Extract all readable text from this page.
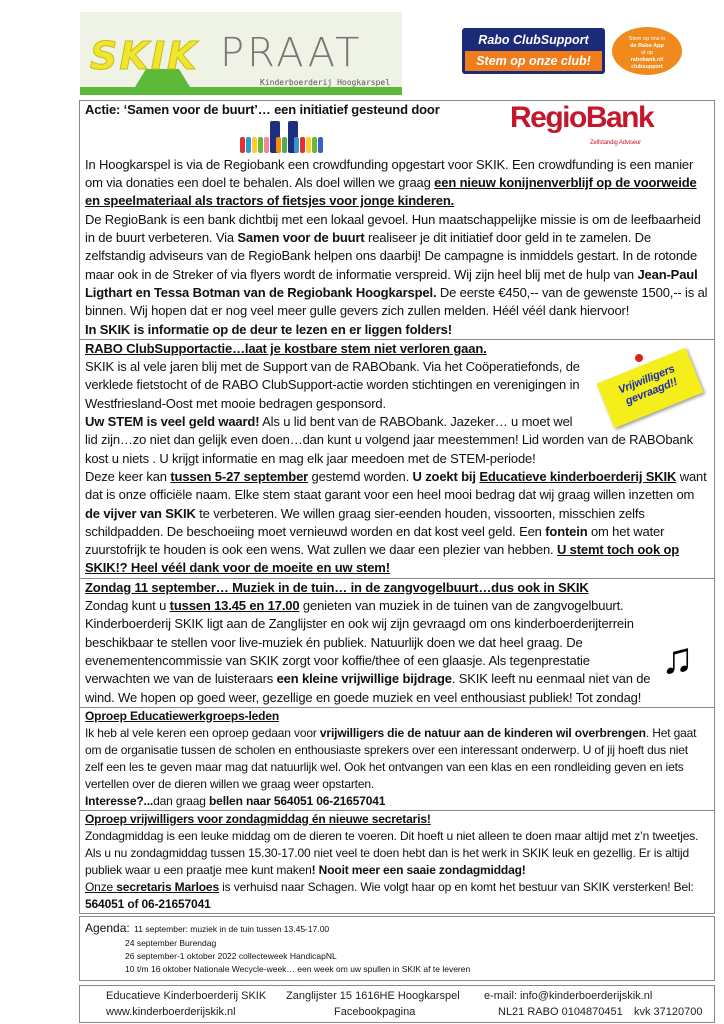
SKIK PRAAT
Kinderboerderij Hoogkarspel
Rabo ClubSupport
Stem op onze club!
Stem op ons in
de Rabo App
of op
rabobank.nl/
clubsupport
Actie: ‘Samen voor de buurt’… een initiatief gesteund door

In Hoogkarspel is via de Regiobank een crowdfunding opgestart voor SKIK. Een crowdfunding is een manier om via donaties een doel te behalen. Als doel willen we graag een nieuw konijnenverblijf op de voorweide en speelmateriaal als tractors of fietsjes voor jonge kinderen.
De RegioBank is een bank dichtbij met een lokaal gevoel. Hun maatschappelijke missie is om de leefbaarheid in de buurt verbeteren. Via Samen voor de buurt realiseer je dit initiatief door geld in te zamelen. De zelfstandig adviseurs van de RegioBank helpen ons daarbij! De campagne is inmiddels gestart. In de rotonde maar ook in de Streker of via flyers wordt de informatie verspreid. Wij zijn heel blij met de hulp van Jean-Paul Ligthart en Tessa Botman van de Regiobank Hoogkarspel. De eerste €450,-- van de gewenste 1500,-- is al binnen. Wij hopen dat er nog veel meer gulle gevers zich zullen melden. Héél véél dank hiervoor!
In SKIK is informatie op de deur te lezen en er liggen folders!
RegioBank
Zelfstandig Adviseur
Vrijwilligers gevraagd!!
RABO ClubSupportactie…laat je kostbare stem niet verloren gaan.
SKIK is al vele jaren blij met de Support van de RABObank. Via het Coöperatiefonds, de verklede fietstocht of de RABO ClubSupport-actie worden stichtingen en verenigingen in Westfriesland-Oost met mooie bedragen gesponsord.
Uw STEM is veel geld waard! Als u lid bent van de RABObank. Jazeker… u moet wel lid zijn…zo niet dan gelijk even doen…dan kunt u volgend jaar meestemmen! Lid worden van de RABObank kost u niets . U krijgt informatie en mag elk jaar meedoen met de STEM-periode!
Deze keer kan tussen 5-27 september gestemd worden. U zoekt bij Educatieve kinderboerderij SKIK want dat is onze officiële naam. Elke stem staat garant voor een heel mooi bedrag dat wij graag willen inzetten om de vijver van SKIK te verbeteren. We willen graag sier-eenden houden, vissoorten, misschien zelfs schildpadden. De beschoeiing moet vernieuwd worden en dat kost veel geld. Een fontein om het water zuurstofrijk te houden is ook een wens. Wat zullen we daar een plezier van hebben. U stemt toch ook op SKIK!? Heel véél dank voor de moeite en uw stem!
Zondag 11 september… Muziek in de tuin… in de zangvogelbuurt…dus ook in SKIK
♫
Zondag kunt u tussen 13.45 en 17.00 genieten van muziek in de tuinen van de zangvogelbuurt. Kinderboerderij SKIK ligt aan de Zanglijster en ook wij zijn gevraagd om ons kinderboerderijterrein beschikbaar te stellen voor live-muziek én publiek. Natuurlijk doen we dat heel graag. De evenementencommissie van SKIK zorgt voor koffie/thee of een glaasje. Als tegenprestatie verwachten we van de luisteraars een kleine vrijwillige bijdrage. SKIK leeft nu eenmaal niet van de wind. We hopen op goed weer, gezellige en goede muziek en veel enthousiast publiek! Tot zondag!
Oproep Educatiewerkgroeps-leden
Ik heb al vele keren een oproep gedaan voor vrijwilligers die de natuur aan de kinderen wil overbrengen. Het gaat om de organisatie tussen de scholen en enthousiaste sprekers over een interessant onderwerp. U of jij hoeft dus niet zelf een les te geven maar mag dat natuurlijk wel. Ook het ontvangen van een klas en een rondleiding geven en iets vertellen over de dieren willen we graag weer opstarten.
Interesse?...dan graag bellen naar 564051 06-21657041
Oproep vrijwilligers voor zondagmiddag én nieuwe secretaris!
Zondagmiddag is een leuke middag om de dieren te voeren. Dit hoeft u niet alleen te doen maar altijd met z’n tweetjes. Als u nu zondagmiddag tussen 15.30-17.00 niet veel te doen hebt dan is het werk in SKIK leuk en gezellig. Er is altijd publiek waar u een praatje mee kunt maken! Nooit meer een saaie zondagmiddag!
Onze secretaris Marloes is verhuisd naar Schagen. Wie volgt haar op en komt het bestuur van SKIK versterken! Bel: 564051 of 06-21657041
Agenda: 11 september: muziek in de tuin tussen 13.45-17.00
24 september Burendag
26 september-1 oktober 2022 collecteweek HandicapNL
10 t/m 16 oktober Nationale Wecycle-week… een week om uw spullen in SKIK af te leveren
Educatieve Kinderboerderij SKIK	Zanglijster 15 1616HE Hoogkarspel	e-mail: info@kinderboerderijskik.nl
www.kinderboerderijskik.nl	Facebookpagina	NL21 RABO 0104870451	kvk 37120700
